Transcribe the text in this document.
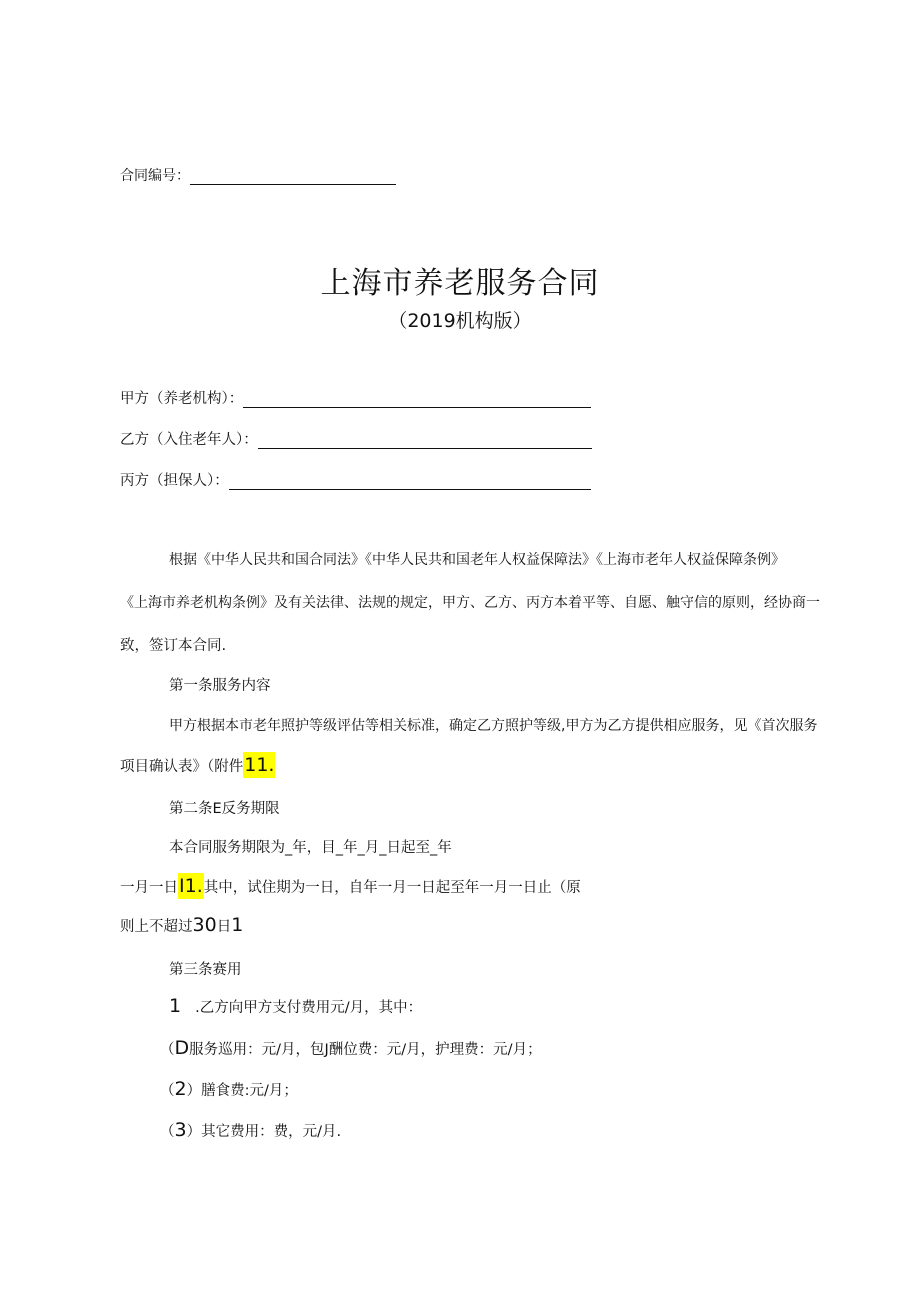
合同编号：
上海市养老服务合同
（2019机构版）
甲方（养老机构）：
乙方（入住老年人）：
丙方（担保人）：
根据《中华人民共和国合同法》《中华人民共和国老年人权益保障法》《上海市老年人权益保障条例》
《上海市养老机构条例》及有关法律、法规的规定，甲方、乙方、丙方本着平等、自愿、触守信的原则，经协商一
致，签订本合同.
第一条服务内容
甲方根据本市老年照护等级评估等相关标准，确定乙方照护等级,甲方为乙方提供相应服务，见《首次服务
项目确认表》（附件11.
第二条E反务期限
本合同服务期限为_年，目_年_月_日起至_年
一月一日I1.其中，试住期为一日，自年一月一日起至年一月一日止（原
则上不超过30日1
第三条赛用
1 .乙方向甲方支付费用元/月，其中：
（D服务巡用：元/月，包J酬位费：元/月，护理费：元/月；
（2）膳食费:元/月；
（3）其它费用：费，元/月.
